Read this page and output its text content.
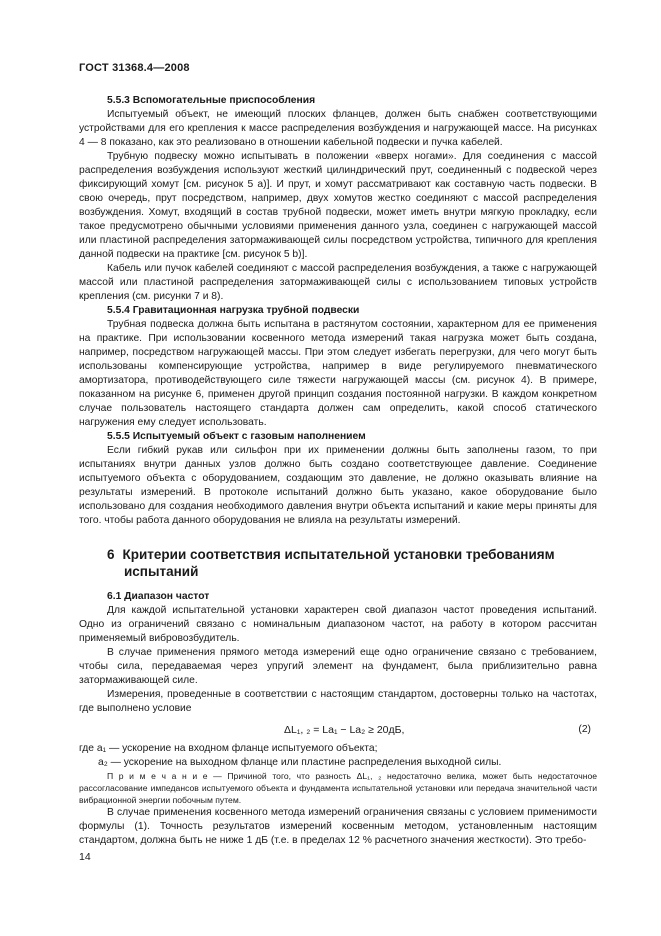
ГОСТ 31368.4—2008

5.5.3 Вспомогательные приспособления

Испытуемый объект, не имеющий плоских фланцев, должен быть снабжен соответствующими устройствами для его крепления к массе распределения возбуждения и нагружающей массе. На рисунках 4 — 8 показано, как это реализовано в отношении кабельной подвески и пучка кабелей.

Трубную подвеску можно испытывать в положении «вверх ногами». Для соединения с массой распределения возбуждения используют жесткий цилиндрический прут, соединенный с подвеской через фиксирующий хомут [см. рисунок 5 а)]. И прут, и хомут рассматривают как составную часть подвески. В свою очередь, прут посредством, например, двух хомутов жестко соединяют с массой распределения возбуждения. Хомут, входящий в состав трубной подвески, может иметь внутри мягкую прокладку, если такое предусмотрено обычными условиями применения данного узла, соединен с нагружающей массой или пластиной распределения затормаживающей силы посредством устройства, типичного для крепления данной подвески на практике [см. рисунок 5 b)].

Кабель или пучок кабелей соединяют с массой распределения возбуждения, а также с нагружающей массой или пластиной распределения затормаживающей силы c использованием типовых устройств крепления (см. рисунки 7 и 8).

5.5.4 Гравитационная нагрузка трубной подвески

Трубная подвеска должна быть испытана в растянутом состоянии, характерном для ее применения на практике. При использовании косвенного метода измерений такая нагрузка может быть создана, например, посредством нагружающей массы. При этом следует избегать перегрузки, для чего могут быть использованы компенсирующие устройства, например в виде регулируемого пневматического амортизатора, противодействующего силе тяжести нагружающей массы (см. рисунок 4). В примере, показанном на рисунке 6, применен другой принцип создания постоянной нагрузки. В каждом конкретном случае пользователь настоящего стандарта должен сам определить, какой способ статического нагружения ему следует использовать.

5.5.5 Испытуемый объект с газовым наполнением

Если гибкий рукав или сильфон при их применении должны быть заполнены газом, то при испытаниях внутри данных узлов должно быть создано соответствующее давление. Соединение испытуемого объекта с оборудованием, создающим это давление, не должно оказывать влияние на результаты измерений. В протоколе испытаний должно быть указано, какое оборудование было использовано для создания необходимого давления внутри объекта испытаний и какие меры приняты для того. чтобы работа данного оборудования не влияла на результаты измерений.

6 Критерии соответствия испытательной установки требованиям
испытаний

6.1 Диапазон частот

Для каждой испытательной установки характерен свой диапазон частот проведения испытаний. Одно из ограничений связано с номинальным диапазоном частот, на работу в котором рассчитан применяемый вибровозбудитель.

В случае применения прямого метода измерений еще одно ограничение связано с требованием, чтобы сила, передаваемая через упругий элемент на фундамент, была приблизительно равна затормаживающей силе.

Измерения, проведенные в соответствии с настоящим стандартом, достоверны только на частотах, где выполнено условие

ΔL₁, ₂ = La₁ − La₂ ≥ 20дБ,	(2)

где a₁ — ускорение на входном фланце испытуемого объекта;

a₂ — ускорение на выходном фланце или пластине распределения выходной силы.

П р и м е ч а н и е — Причиной того, что разность ΔL₁, ₂ недостаточно велика, может быть недостаточное рассогласование импедансов испытуемого объекта и фундамента испытательной установки или передача значительной части вибрационной энергии побочным путем.

В случае применения косвенного метода измерений ограничения связаны с условием применимости формулы (1). Точность результатов измерений косвенным методом, установленным настоящим стандартом, должна быть не ниже 1 дБ (т.е. в пределах 12 % расчетного значения жесткости). Это требо-

14
